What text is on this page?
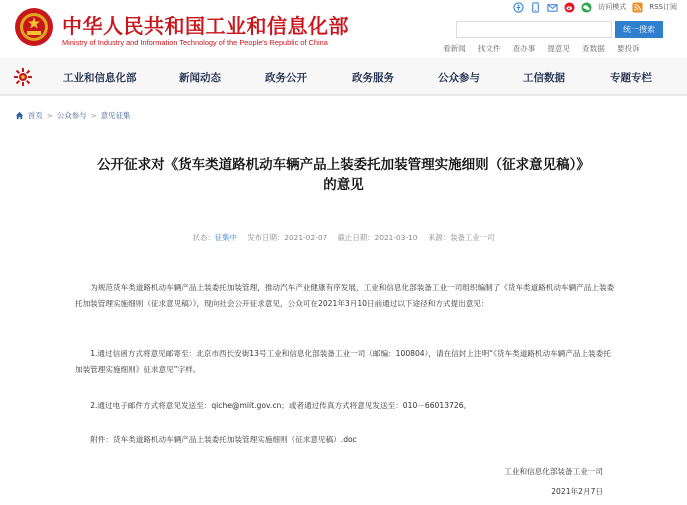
中华人民共和国工业和信息化部
Ministry of Industry and Information Technology of the People's Republic of China
访问模式	RSS订阅
统一搜索
看新闻 找文件 查办事 提意见 查数据 要投诉
工业和信息化部	新闻动态	政务公开	政务服务	公众参与	工信数据	专题专栏
首页 > 公众参与 > 意见征集
公开征求对《货车类道路机动车辆产品上装委托加装管理实施细则（征求意见稿）》
的意见
状态：征集中 发布日期：2021-02-07 截止日期：2021-03-10 来源：装备工业一司
为规范货车类道路机动车辆产品上装委托加装管理，推动汽车产业健康有序发展，工业和信息化部装备工业一司组织编制了《货车类道路机动车辆产品上装委托加装管理实施细则（征求意见稿）》，现向社会公开征求意见，公众可在2021年3月10日前通过以下途径和方式提出意见：
1.通过信函方式将意见邮寄至：北京市西长安街13号工业和信息化部装备工业一司（邮编：100804），请在信封上注明“《货车类道路机动车辆产品上装委托加装管理实施细则》征求意见”字样。
2.通过电子邮件方式将意见发送至：qiche@miit.gov.cn；或者通过传真方式将意见发送至：010－66013726。
附件：货车类道路机动车辆产品上装委托加装管理实施细则（征求意见稿）.doc
工业和信息化部装备工业一司
2021年2月7日
